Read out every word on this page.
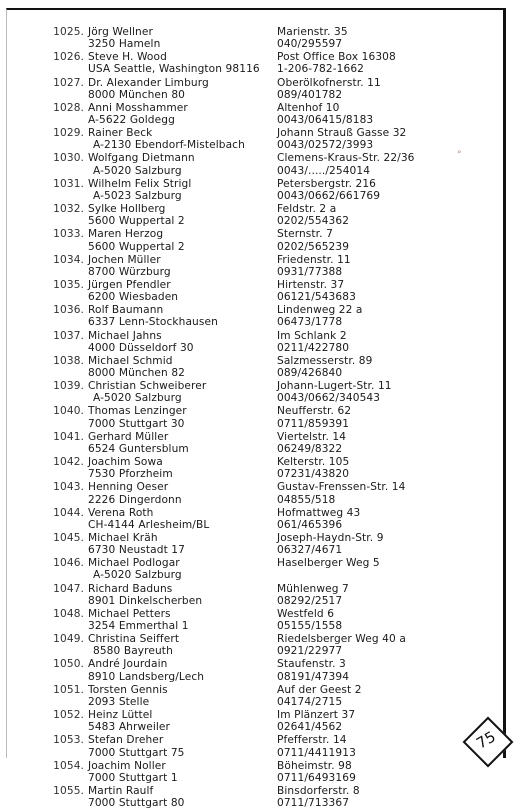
1025. Jörg Wellner
3250 Hameln
Marienstr. 35
040/295597
1026. Steve H. Wood
USA Seattle, Washington 98116
Post Office Box 16308
1-206-782-1662
1027. Dr. Alexander Limburg
8000 München 80
Oberölkofnerstr. 11
089/401782
1028. Anni Mosshammer
A-5622 Goldegg
Altenhof 10
0043/06415/8183
1029. Rainer Beck
A-2130 Ebendorf-Mistelbach
Johann Strauß Gasse 32
0043/02572/3993
1030. Wolfgang Dietmann
A-5020 Salzburg
Clemens-Kraus-Str. 22/36
0043/...../254014
1031. Wilhelm Felix Strigl
A-5023 Salzburg
Petersbergstr. 216
0043/0662/661769
1032. Sylke Hollberg
5600 Wuppertal 2
Feldstr. 2 a
0202/554362
1033. Maren Herzog
5600 Wuppertal 2
Sternstr. 7
0202/565239
1034. Jochen Müller
8700 Würzburg
Friedenstr. 11
0931/77388
1035. Jürgen Pfendler
6200 Wiesbaden
Hirtenstr. 37
06121/543683
1036. Rolf Baumann
6337 Lenn-Stockhausen
Lindenweg 22 a
06473/1778
1037. Michael Jahns
4000 Düsseldorf 30
Im Schlank 2
0211/422780
1038. Michael Schmid
8000 München 82
Salzmesserstr. 89
089/426840
1039. Christian Schweiberer
A-5020 Salzburg
Johann-Lugert-Str. 11
0043/0662/340543
1040. Thomas Lenzinger
7000 Stuttgart 30
Neufferstr. 62
0711/859391
1041. Gerhard Müller
6524 Guntersblum
Viertelstr. 14
06249/8322
1042. Joachim Sowa
7530 Pforzheim
Kelterstr. 105
07231/43820
1043. Henning Oeser
2226 Dingerdonn
Gustav-Frenssen-Str. 14
04855/518
1044. Verena Roth
CH-4144 Arlesheim/BL
Hofmattweg 43
061/465396
1045. Michael Kräh
6730 Neustadt 17
Joseph-Haydn-Str. 9
06327/4671
1046. Michael Podlogar
A-5020 Salzburg
Haselberger Weg 5
1047. Richard Baduns
8901 Dinkelscherben
Mühlenweg 7
08292/2517
1048. Michael Petters
3254 Emmerthal 1
Westfeld 6
05155/1558
1049. Christina Seiffert
8580 Bayreuth
Riedelsberger Weg 40 a
0921/22977
1050. André Jourdain
8910 Landsberg/Lech
Staufenstr. 3
08191/47394
1051. Torsten Gennis
2093 Stelle
Auf der Geest 2
04174/2715
1052. Heinz Lüttel
5483 Ahrweiler
Im Plänzert 37
02641/4562
1053. Stefan Dreher
7000 Stuttgart 75
Pfefferstr. 14
0711/4411913
1054. Joachim Noller
7000 Stuttgart 1
Böheimstr. 98
0711/6493169
1055. Martin Raulf
7000 Stuttgart 80
Binsdorferstr. 8
0711/713367
°
75
